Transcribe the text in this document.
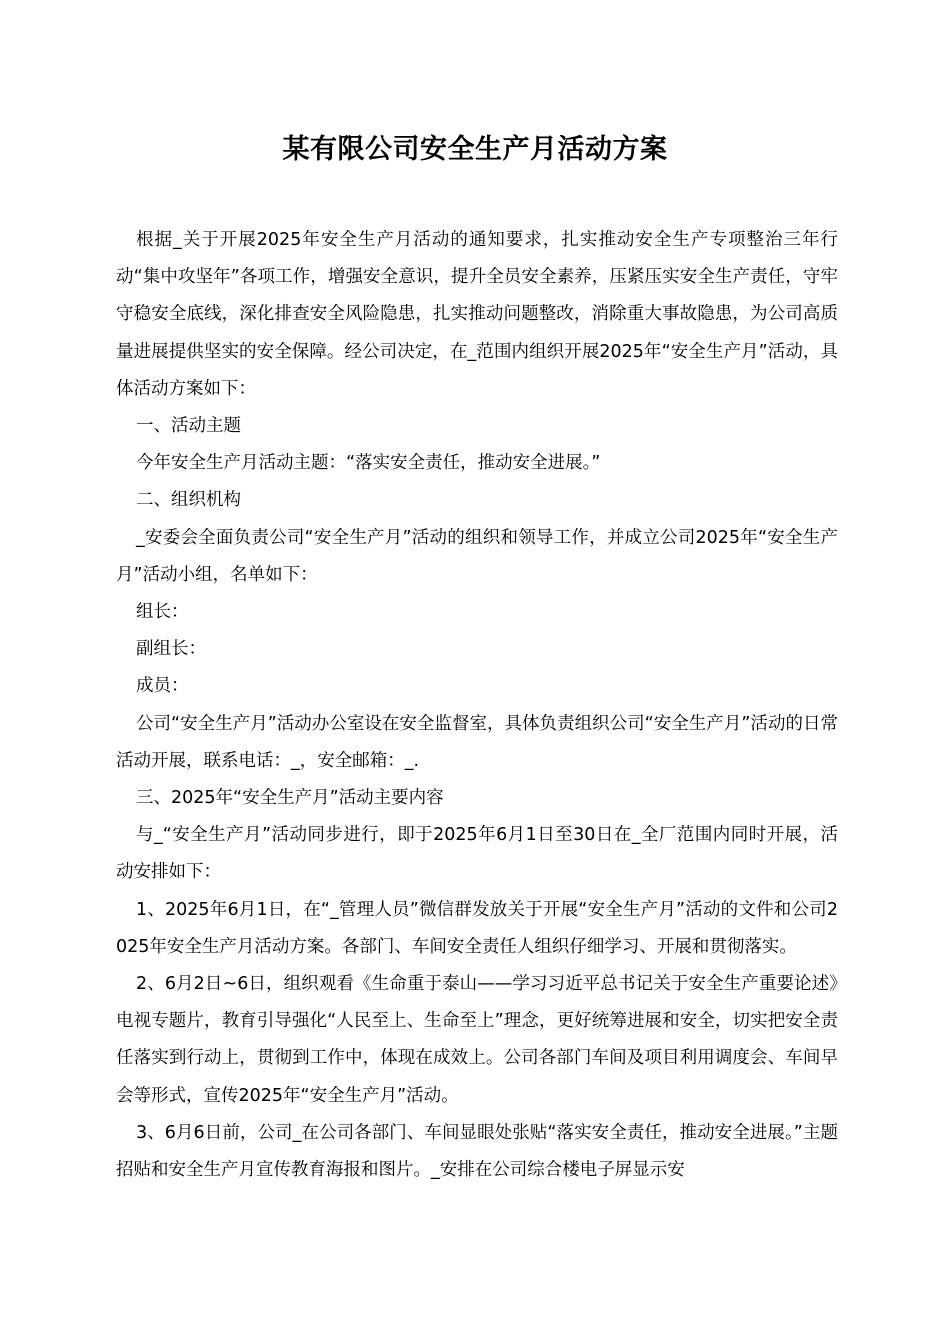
某有限公司安全生产月活动方案

根据_关于开展2025年安全生产月活动的通知要求，扎实推动安全生产专项整治三年行动“集中攻坚年”各项工作，增强安全意识，提升全员安全素养，压紧压实安全生产责任，守牢守稳安全底线，深化排查安全风险隐患，扎实推动问题整改，消除重大事故隐患，为公司高质量进展提供坚实的安全保障。经公司决定，在_范围内组织开展2025年“安全生产月”活动，具体活动方案如下：

一、活动主题

今年安全生产月活动主题：“落实安全责任，推动安全进展。”

二、组织机构

_安委会全面负责公司“安全生产月”活动的组织和领导工作，并成立公司2025年“安全生产月”活动小组，名单如下：

组长：

副组长：

成员：

公司“安全生产月”活动办公室设在安全监督室，具体负责组织公司“安全生产月”活动的日常活动开展，联系电话：_，安全邮箱：_.

三、2025年“安全生产月”活动主要内容

与_“安全生产月”活动同步进行，即于2025年6月1日至30日在_全厂范围内同时开展，活动安排如下：

1、2025年6月1日，在“_管理人员”微信群发放关于开展“安全生产月”活动的文件和公司2025年安全生产月活动方案。各部门、车间安全责任人组织仔细学习、开展和贯彻落实。

2、6月2日~6日，组织观看《生命重于泰山——学习习近平总书记关于安全生产重要论述》电视专题片，教育引导强化“人民至上、生命至上”理念，更好统筹进展和安全，切实把安全责任落实到行动上，贯彻到工作中，体现在成效上。公司各部门车间及项目利用调度会、车间早会等形式，宣传2025年“安全生产月”活动。

3、6月6日前，公司_在公司各部门、车间显眼处张贴“落实安全责任，推动安全进展。”主题招贴和安全生产月宣传教育海报和图片。_安排在公司综合楼电子屏显示安
